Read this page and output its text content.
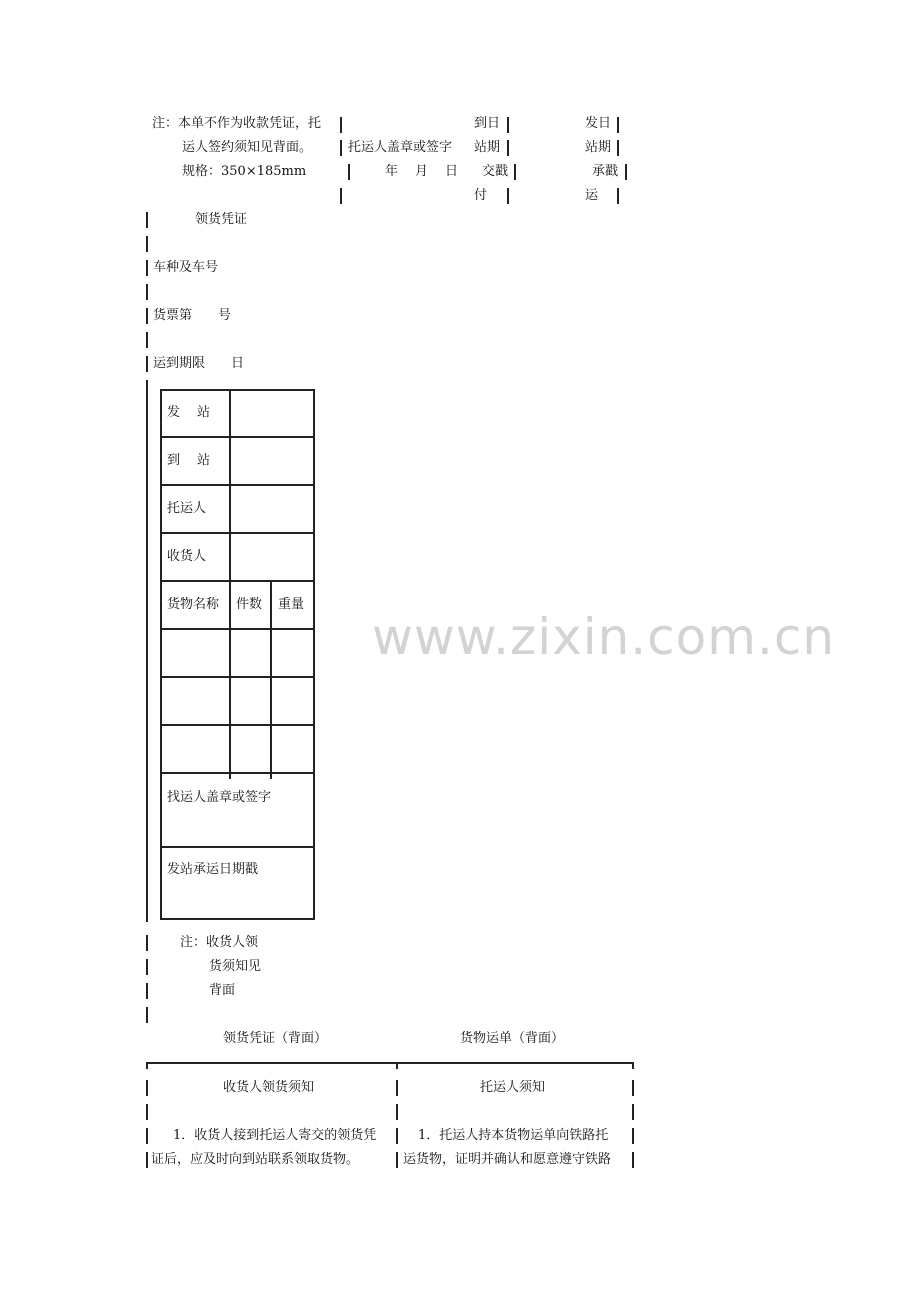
注：本单不作为收款凭证，托
运人签约须知见背面。
规格：350×185mm
托运人盖章或签字
年　月　日
到日
站期
交戳
付
发日
站期
承戳
运
领货凭证
车种及车号
货票第　　号
运到期限　　日
发　站
到　站
托运人
收货人
货物名称 件数 重量
找运人盖章或签字
发站承运日期戳
注：收货人领
货须知见
背面
领货凭证（背面）	货物运单（背面）
收货人领货须知	托运人须知
1．收货人接到托运人寄交的领货凭	1．托运人持本货物运单向铁路托
证后，应及时向到站联系领取货物。	运货物，证明并确认和愿意遵守铁路
www.zixin.com.cn
